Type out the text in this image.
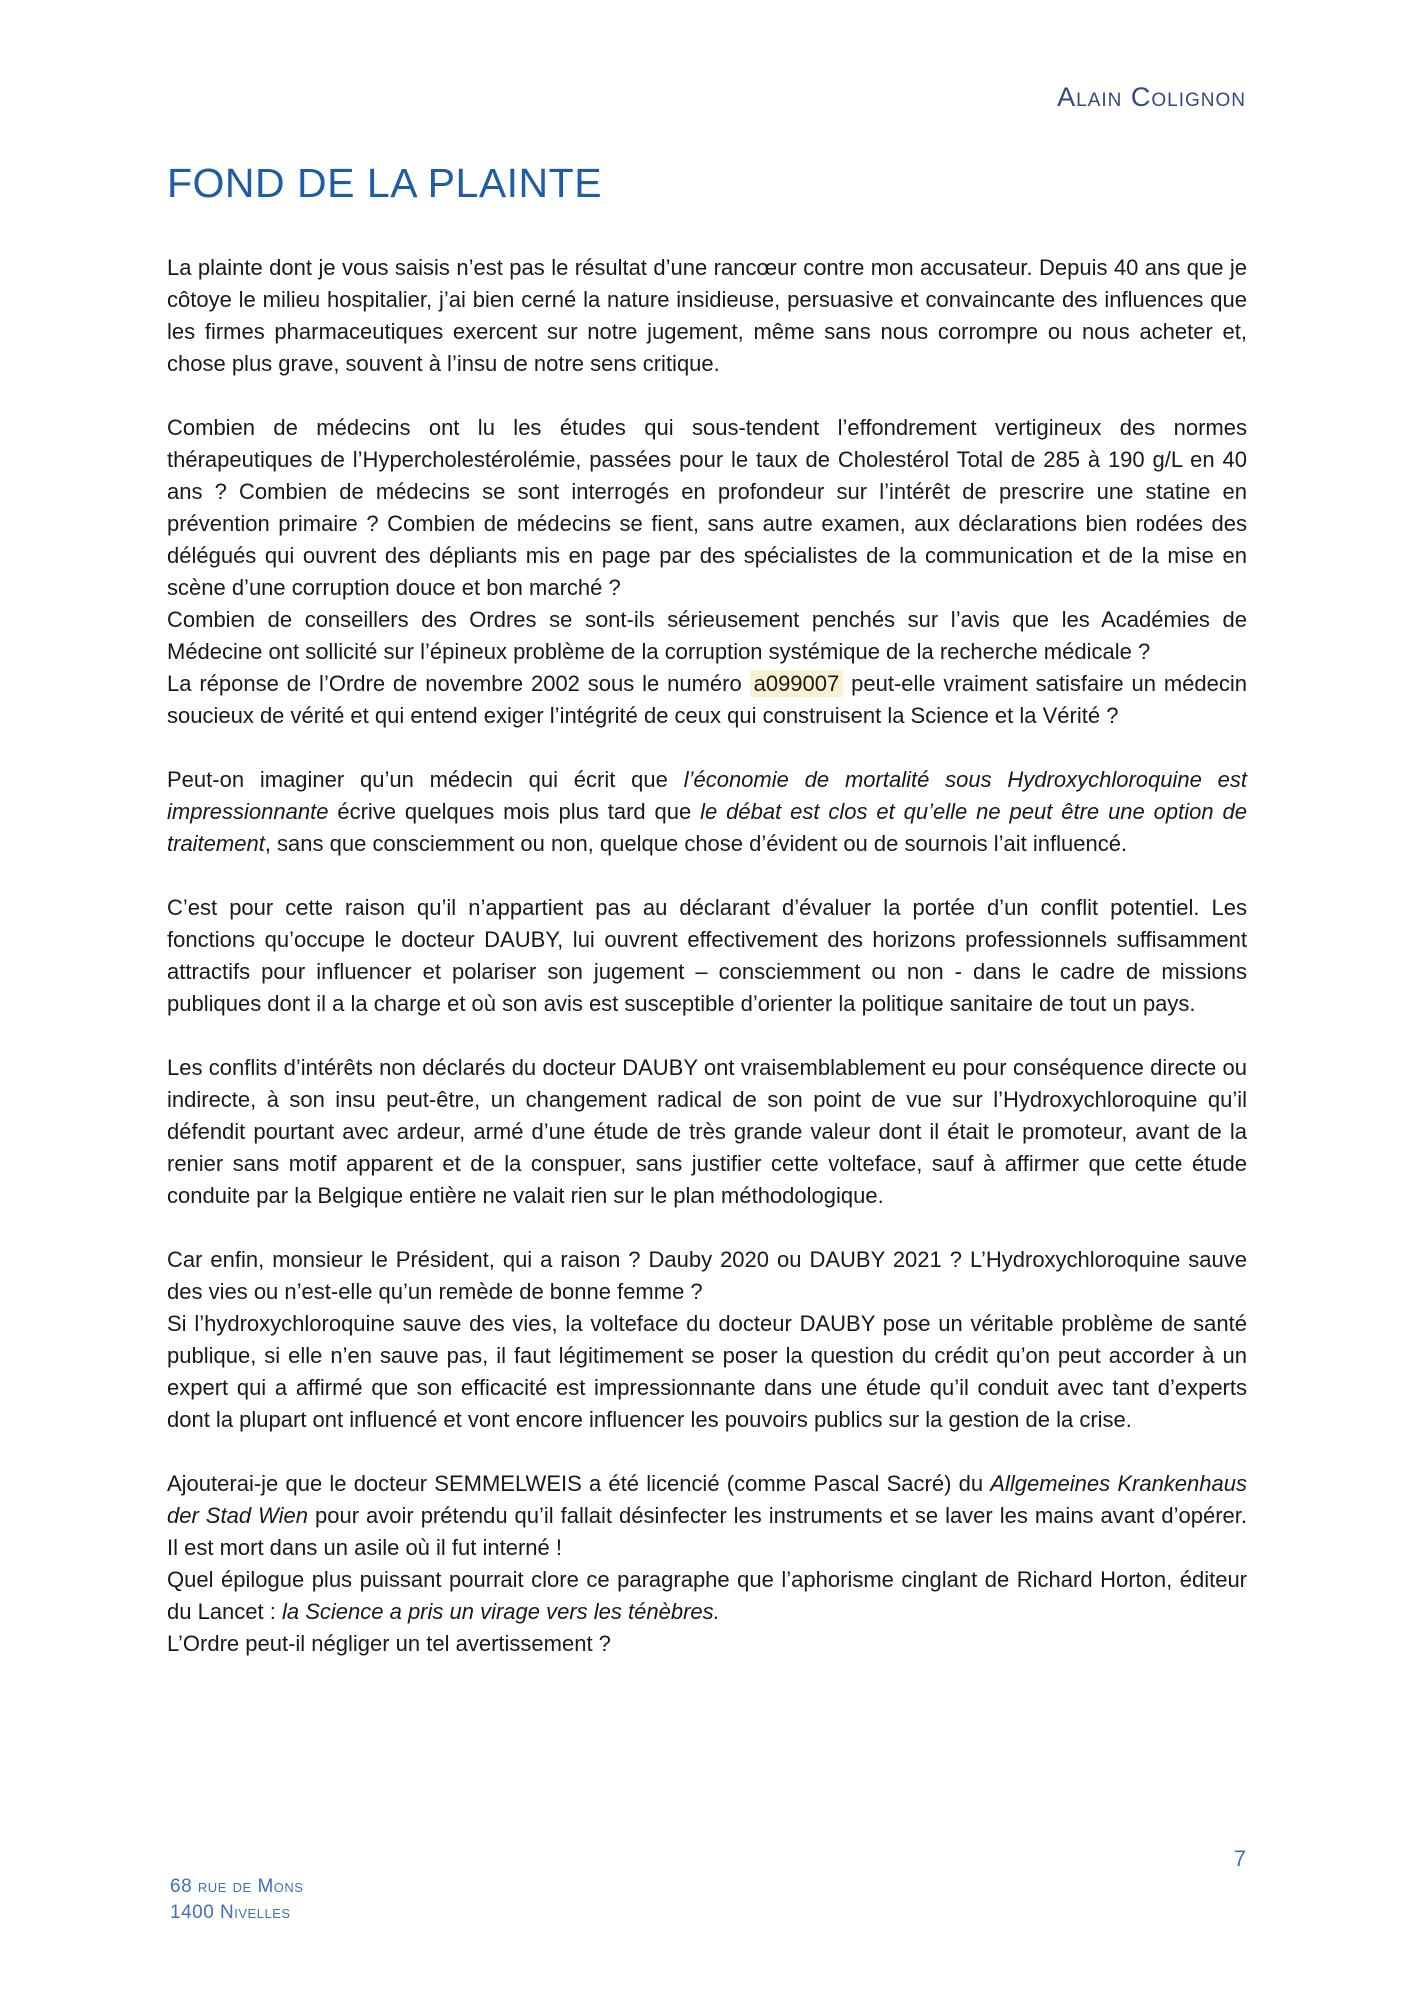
Alain Colignon
FOND DE LA PLAINTE

La plainte dont je vous saisis n’est pas le résultat d’une rancœur contre mon accusateur. Depuis 40 ans que je côtoye le milieu hospitalier, j’ai bien cerné la nature insidieuse, persuasive et convaincante des influences que les firmes pharmaceutiques exercent sur notre jugement, même sans nous corrompre ou nous acheter et, chose plus grave, souvent à l’insu de notre sens critique.

Combien de médecins ont lu les études qui sous-tendent l’effondrement vertigineux des normes thérapeutiques de l’Hypercholestérolémie, passées pour le taux de Cholestérol Total de 285 à 190 g/L en 40 ans ? Combien de médecins se sont interrogés en profondeur sur l’intérêt de prescrire une statine en prévention primaire ? Combien de médecins se fient, sans autre examen, aux déclarations bien rodées des délégués qui ouvrent des dépliants mis en page par des spécialistes de la communication et de la mise en scène d’une corruption douce et bon marché ?

Combien de conseillers des Ordres se sont-ils sérieusement penchés sur l’avis que les Académies de Médecine ont sollicité sur l’épineux problème de la corruption systémique de la recherche médicale ?

La réponse de l’Ordre de novembre 2002 sous le numéro a099007 peut-elle vraiment satisfaire un médecin soucieux de vérité et qui entend exiger l’intégrité de ceux qui construisent la Science et la Vérité ?

Peut-on imaginer qu’un médecin qui écrit que l’économie de mortalité sous Hydroxychloroquine est impressionnante écrive quelques mois plus tard que le débat est clos et qu’elle ne peut être une option de traitement, sans que consciemment ou non, quelque chose d’évident ou de sournois l’ait influencé.

C’est pour cette raison qu’il n’appartient pas au déclarant d’évaluer la portée d’un conflit potentiel. Les fonctions qu’occupe le docteur DAUBY, lui ouvrent effectivement des horizons professionnels suffisamment attractifs pour influencer et polariser son jugement – consciemment ou non - dans le cadre de missions publiques dont il a la charge et où son avis est susceptible d’orienter la politique sanitaire de tout un pays.

Les conflits d’intérêts non déclarés du docteur DAUBY ont vraisemblablement eu pour conséquence directe ou indirecte, à son insu peut-être, un changement radical de son point de vue sur l’Hydroxychloroquine qu’il défendit pourtant avec ardeur, armé d’une étude de très grande valeur dont il était le promoteur, avant de la renier sans motif apparent et de la conspuer, sans justifier cette volteface, sauf à affirmer que cette étude conduite par la Belgique entière ne valait rien sur le plan méthodologique.

Car enfin, monsieur le Président, qui a raison ? Dauby 2020 ou DAUBY 2021 ? L’Hydroxychloroquine sauve des vies ou n’est-elle qu’un remède de bonne femme ?

Si l’hydroxychloroquine sauve des vies, la volteface du docteur DAUBY pose un véritable problème de santé publique, si elle n’en sauve pas, il faut légitimement se poser la question du crédit qu’on peut accorder à un expert qui a affirmé que son efficacité est impressionnante dans une étude qu’il conduit avec tant d’experts dont la plupart ont influencé et vont encore influencer les pouvoirs publics sur la gestion de la crise.

Ajouterai-je que le docteur SEMMELWEIS a été licencié (comme Pascal Sacré) du Allgemeines Krankenhaus der Stad Wien pour avoir prétendu qu’il fallait désinfecter les instruments et se laver les mains avant d’opérer. Il est mort dans un asile où il fut interné !

Quel épilogue plus puissant pourrait clore ce paragraphe que l’aphorisme cinglant de Richard Horton, éditeur du Lancet : la Science a pris un virage vers les ténèbres.

L’Ordre peut-il négliger un tel avertissement ?

7
68 rue de Mons
1400 Nivelles
